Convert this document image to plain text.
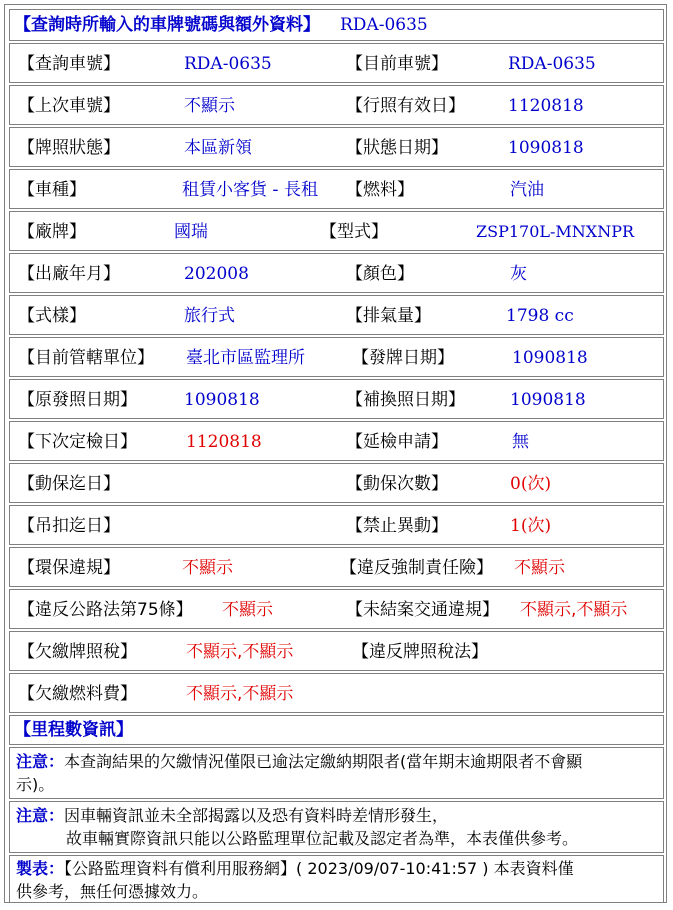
【查詢時所輸入的車牌號碼與額外資料】 RDA-0635
【查詢車號】	RDA-0635	【目前車號】	RDA-0635
【上次車號】	不顯示	【行照有效日】	1120818
【牌照狀態】	本區新領	【狀態日期】	1090818
【車種】	租賃小客貨 - 長租 【燃料】	汽油
【廠牌】	國瑞	【型式】	ZSP170L-MNXNPR
【出廠年月】	202008	【顏色】	灰
【式樣】	旅行式	【排氣量】	1798 cc
【目前管轄單位】 臺北市區監理所	【發牌日期】	1090818
【原發照日期】	1090818	【補換照日期】	1090818
【下次定檢日】	1120818	【延檢申請】	無
【動保迄日】	【動保次數】	0(次)
【吊扣迄日】	【禁止異動】	1(次)
【環保違規】	不顯示	【違反強制責任險】 不顯示
【違反公路法第75條】 不顯示	【未結案交通違規】 不顯示,不顯示
【欠繳牌照稅】	不顯示,不顯示	【違反牌照稅法】
【欠繳燃料費】	不顯示,不顯示
【里程數資訊】
注意：本查詢結果的欠繳情況僅限已逾法定繳納期限者(當年期末逾期限者不會顯
示)。
注意：因車輛資訊並未全部揭露以及恐有資料時差情形發生，
故車輛實際資訊只能以公路監理單位記載及認定者為準，本表僅供參考。
製表：【公路監理資料有償利用服務網】( 2023/09/07-10:41:57 ) 本表資料僅
供參考，無任何憑據效力。
